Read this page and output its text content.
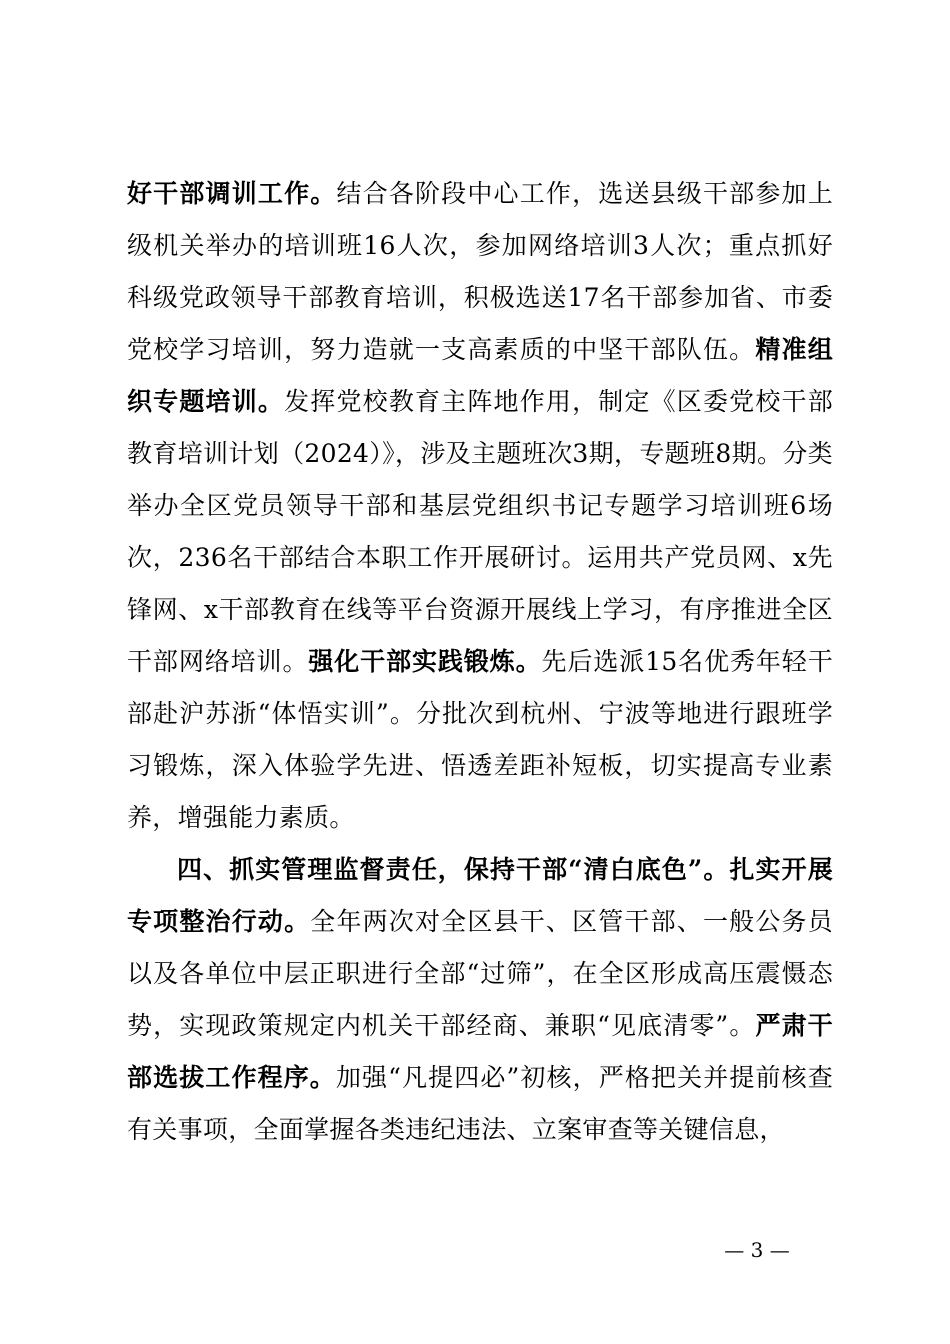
好干部调训工作。结合各阶段中心工作，选送县级干部参加上级机关举办的培训班16人次，参加网络培训3人次；重点抓好科级党政领导干部教育培训，积极选送17名干部参加省、市委党校学习培训，努力造就一支高素质的中坚干部队伍。精准组织专题培训。发挥党校教育主阵地作用，制定《区委党校干部教育培训计划（2024）》，涉及主题班次3期，专题班8期。分类举办全区党员领导干部和基层党组织书记专题学习培训班6场次，236名干部结合本职工作开展研讨。运用共产党员网、x先锋网、x干部教育在线等平台资源开展线上学习，有序推进全区干部网络培训。强化干部实践锻炼。先后选派15名优秀年轻干部赴沪苏浙“体悟实训”。分批次到杭州、宁波等地进行跟班学习锻炼，深入体验学先进、悟透差距补短板，切实提高专业素养，增强能力素质。

四、抓实管理监督责任，保持干部“清白底色”。扎实开展专项整治行动。全年两次对全区县干、区管干部、一般公务员以及各单位中层正职进行全部“过筛”，在全区形成高压震慑态势，实现政策规定内机关干部经商、兼职“见底清零”。严肃干部选拔工作程序。加强“凡提四必”初核，严格把关并提前核查有关事项，全面掌握各类违纪违法、立案审查等关键信息，

— 3 —
